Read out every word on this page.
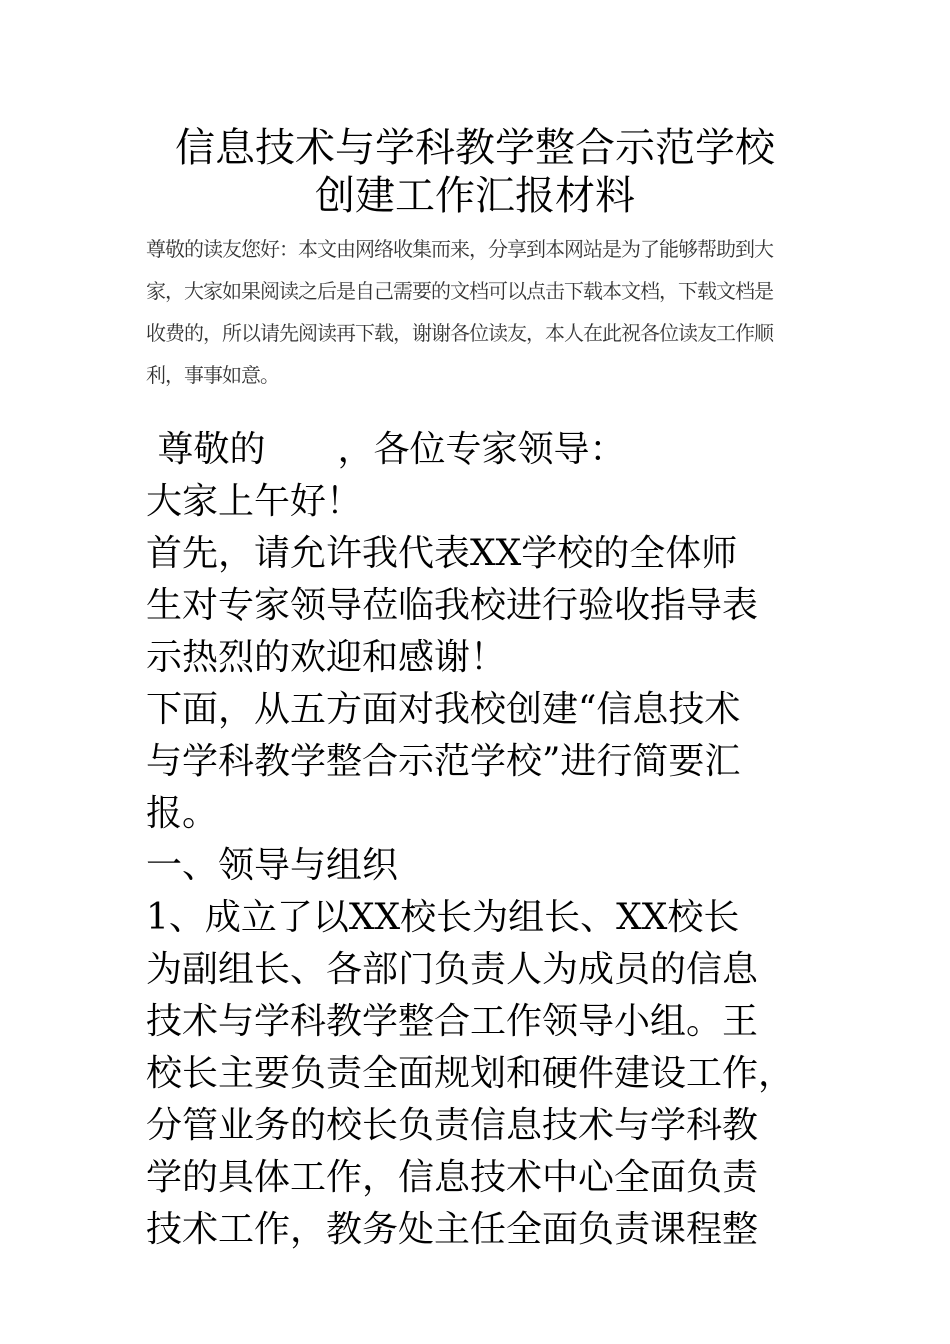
信息技术与学科教学整合示范学校
创建工作汇报材料

尊敬的读友您好：本文由网络收集而来，分享到本网站是为了能够帮助到大
家，大家如果阅读之后是自己需要的文档可以点击下载本文档，下载文档是
收费的，所以请先阅读再下载，谢谢各位读友，本人在此祝各位读友工作顺
利，事事如意。

尊敬的 ，各位专家领导：
大家上午好！
首先，请允许我代表XX学校的全体师
生对专家领导莅临我校进行验收指导表
示热烈的欢迎和感谢！
下面，从五方面对我校创建“信息技术
与学科教学整合示范学校”进行简要汇
报。
一、领导与组织
1、成立了以XX校长为组长、XX校长
为副组长、各部门负责人为成员的信息
技术与学科教学整合工作领导小组。王
校长主要负责全面规划和硬件建设工作，
分管业务的校长负责信息技术与学科教
学的具体工作，信息技术中心全面负责
技术工作，教务处主任全面负责课程整
